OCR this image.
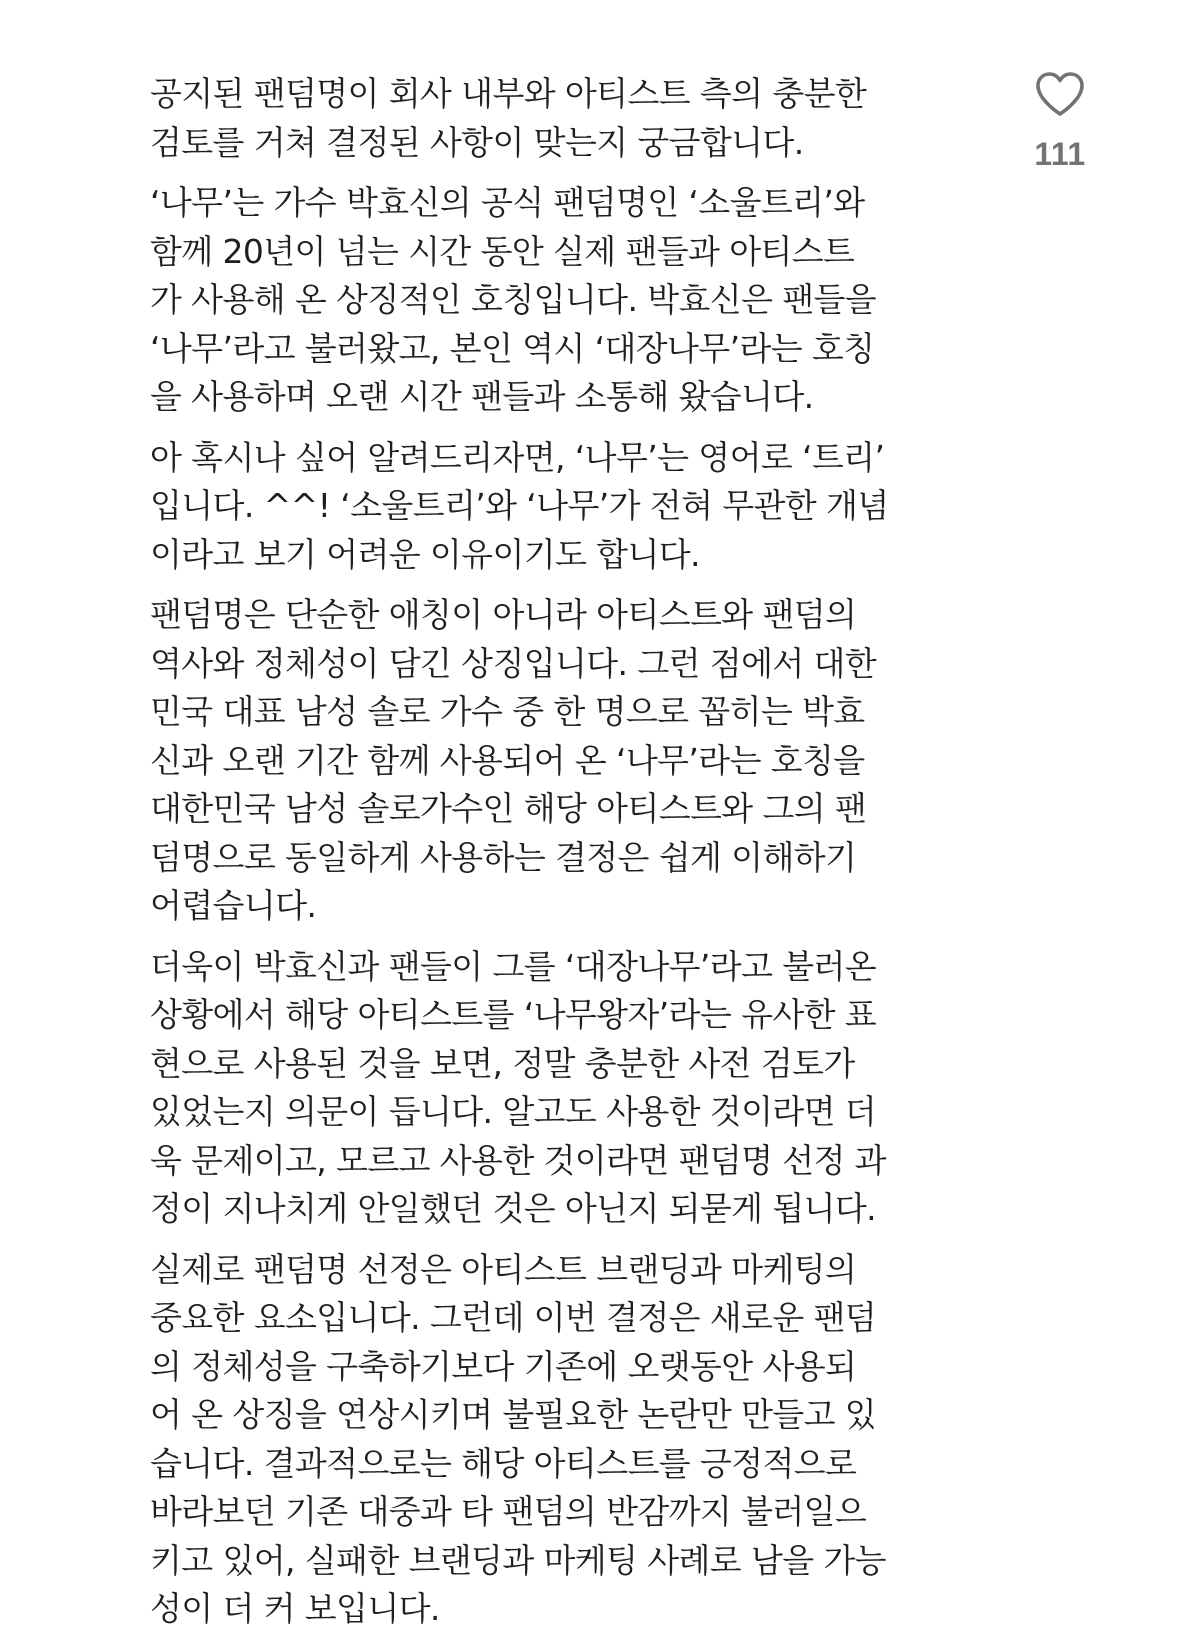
공지된 팬덤명이 회사 내부와 아티스트 측의 충분한
검토를 거쳐 결정된 사항이 맞는지 궁금합니다.

‘나무’는 가수 박효신의 공식 팬덤명인 ‘소울트리’와
함께 20년이 넘는 시간 동안 실제 팬들과 아티스트
가 사용해 온 상징적인 호칭입니다. 박효신은 팬들을
‘나무’라고 불러왔고, 본인 역시 ‘대장나무’라는 호칭
을 사용하며 오랜 시간 팬들과 소통해 왔습니다.

아 혹시나 싶어 알려드리자면, ‘나무’는 영어로 ‘트리’
입니다. ^^! ‘소울트리’와 ‘나무’가 전혀 무관한 개념
이라고 보기 어려운 이유이기도 합니다.

팬덤명은 단순한 애칭이 아니라 아티스트와 팬덤의
역사와 정체성이 담긴 상징입니다. 그런 점에서 대한
민국 대표 남성 솔로 가수 중 한 명으로 꼽히는 박효
신과 오랜 기간 함께 사용되어 온 ‘나무’라는 호칭을
대한민국 남성 솔로가수인 해당 아티스트와 그의 팬
덤명으로 동일하게 사용하는 결정은 쉽게 이해하기
어렵습니다.

더욱이 박효신과 팬들이 그를 ‘대장나무’라고 불러온
상황에서 해당 아티스트를 ‘나무왕자’라는 유사한 표
현으로 사용된 것을 보면, 정말 충분한 사전 검토가
있었는지 의문이 듭니다. 알고도 사용한 것이라면 더
욱 문제이고, 모르고 사용한 것이라면 팬덤명 선정 과
정이 지나치게 안일했던 것은 아닌지 되묻게 됩니다.

실제로 팬덤명 선정은 아티스트 브랜딩과 마케팅의
중요한 요소입니다. 그런데 이번 결정은 새로운 팬덤
의 정체성을 구축하기보다 기존에 오랫동안 사용되
어 온 상징을 연상시키며 불필요한 논란만 만들고 있
습니다. 결과적으로는 해당 아티스트를 긍정적으로
바라보던 기존 대중과 타 팬덤의 반감까지 불러일으
키고 있어, 실패한 브랜딩과 마케팅 사례로 남을 가능
성이 더 커 보입니다.

111
